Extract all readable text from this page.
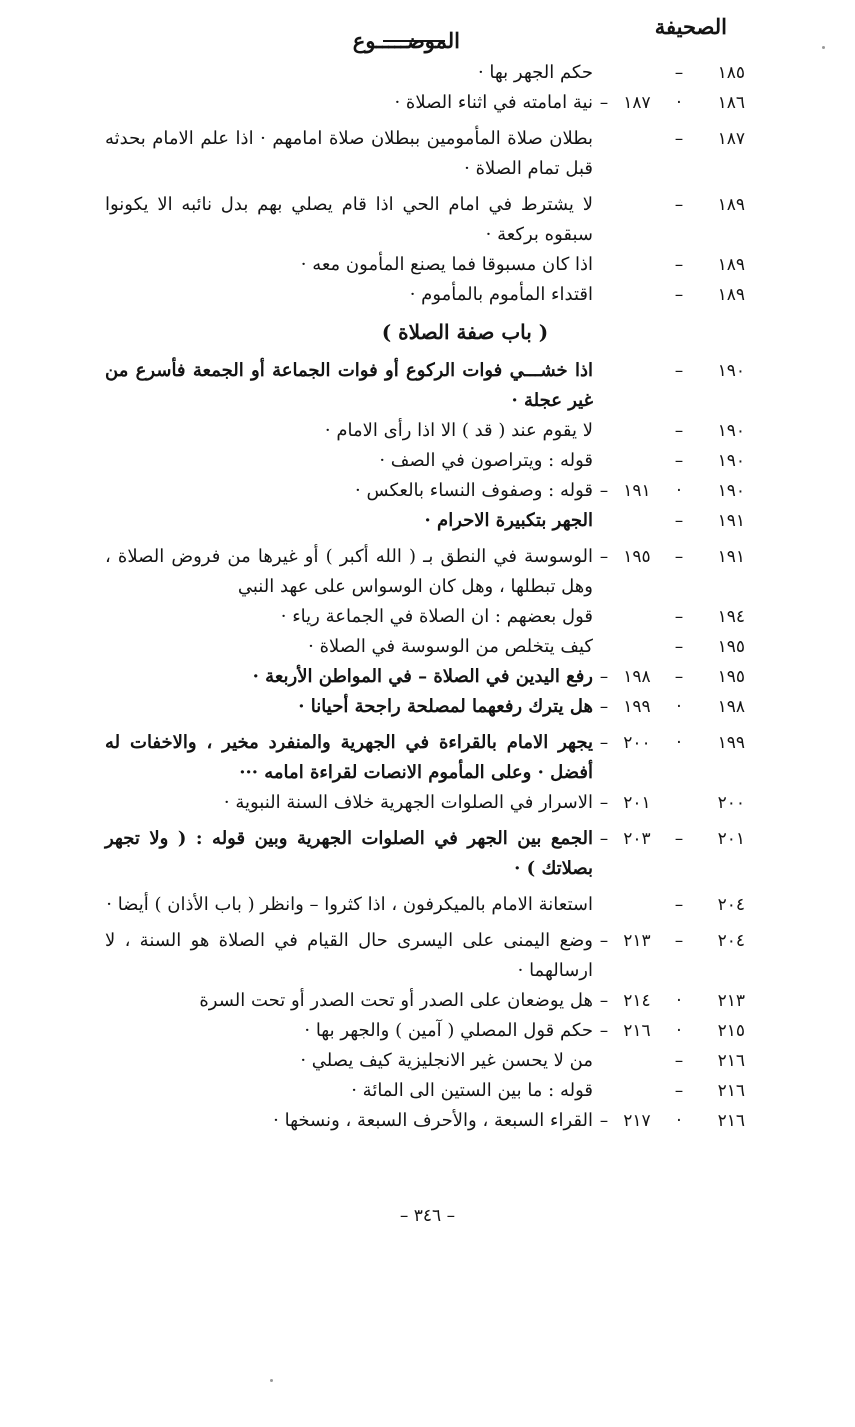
الصحيفة
الموضـــــوع
١٨٥
–
حكم الجهر بها ·
١٨٦
·
١٨٧
–
نية امامته في اثناء الصلاة ·
١٨٧
–
بطلان صلاة المأمومين ببطلان صلاة امامهم · اذا علم الامام بحدثه قبل تمام الصلاة ·
١٨٩
–
لا يشترط في امام الحي اذا قام يصلي بهم بدل نائبه الا يكونوا سبقوه بركعة ·
١٨٩
–
اذا كان مسبوقا فما يصنع المأمون معه ·
١٨٩
–
اقتداء المأموم بالمأموم ·
( باب صفة الصلاة )
١٩٠
–
اذا خشـــي فوات الركوع أو فوات الجماعة أو الجمعة فأسرع من غير عجلة ·
١٩٠
–
لا يقوم عند ( قد ) الا اذا رأى الامام ·
١٩٠
–
قوله : ويتراصون في الصف ·
١٩٠
·
١٩١
–
قوله : وصفوف النساء بالعكس ·
١٩١
–
الجهر بتكبيرة الاحرام ·
١٩١
–
١٩٥
–
الوسوسة في النطق بـ ( الله أكبر ) أو غيرها من فروض الصلاة ، وهل تبطلها ، وهل كان الوسواس على عهد النبي
١٩٤
–
قول بعضهم : ان الصلاة في الجماعة رياء ·
١٩٥
–
كيف يتخلص من الوسوسة في الصلاة ·
١٩٥
–
١٩٨
–
رفع اليدين في الصلاة – في المواطن الأربعة ·
١٩٨
·
١٩٩
–
هل يترك رفعهما لمصلحة راجحة أحيانا ·
١٩٩
·
٢٠٠
–
يجهر الامام بالقراءة في الجهرية والمنفرد مخير ، والاخفات له أفضل · وعلى المأموم الانصات لقراءة امامه ···
٢٠٠
٢٠١
–
الاسرار في الصلوات الجهرية خلاف السنة النبوية ·
٢٠١
–
٢٠٣
–
الجمع بين الجهر في الصلوات الجهرية وبين قوله : ( ولا تجهر بصلاتك ) ·
٢٠٤
–
استعانة الامام بالميكرفون ، اذا كثروا – وانظر ( باب الأذان ) أيضا ·
٢٠٤
–
٢١٣
–
وضع اليمنى على اليسرى حال القيام في الصلاة هو السنة ، لا ارسالهما ·
٢١٣
·
٢١٤
–
هل يوضعان على الصدر أو تحت الصدر أو تحت السرة
٢١٥
·
٢١٦
–
حكم قول المصلي ( آمين ) والجهر بها ·
٢١٦
–
من لا يحسن غير الانجليزية كيف يصلي ·
٢١٦
–
قوله : ما بين الستين الى المائة ·
٢١٦
·
٢١٧
–
القراء السبعة ، والأحرف السبعة ، ونسخها ·
– ٣٤٦ –
